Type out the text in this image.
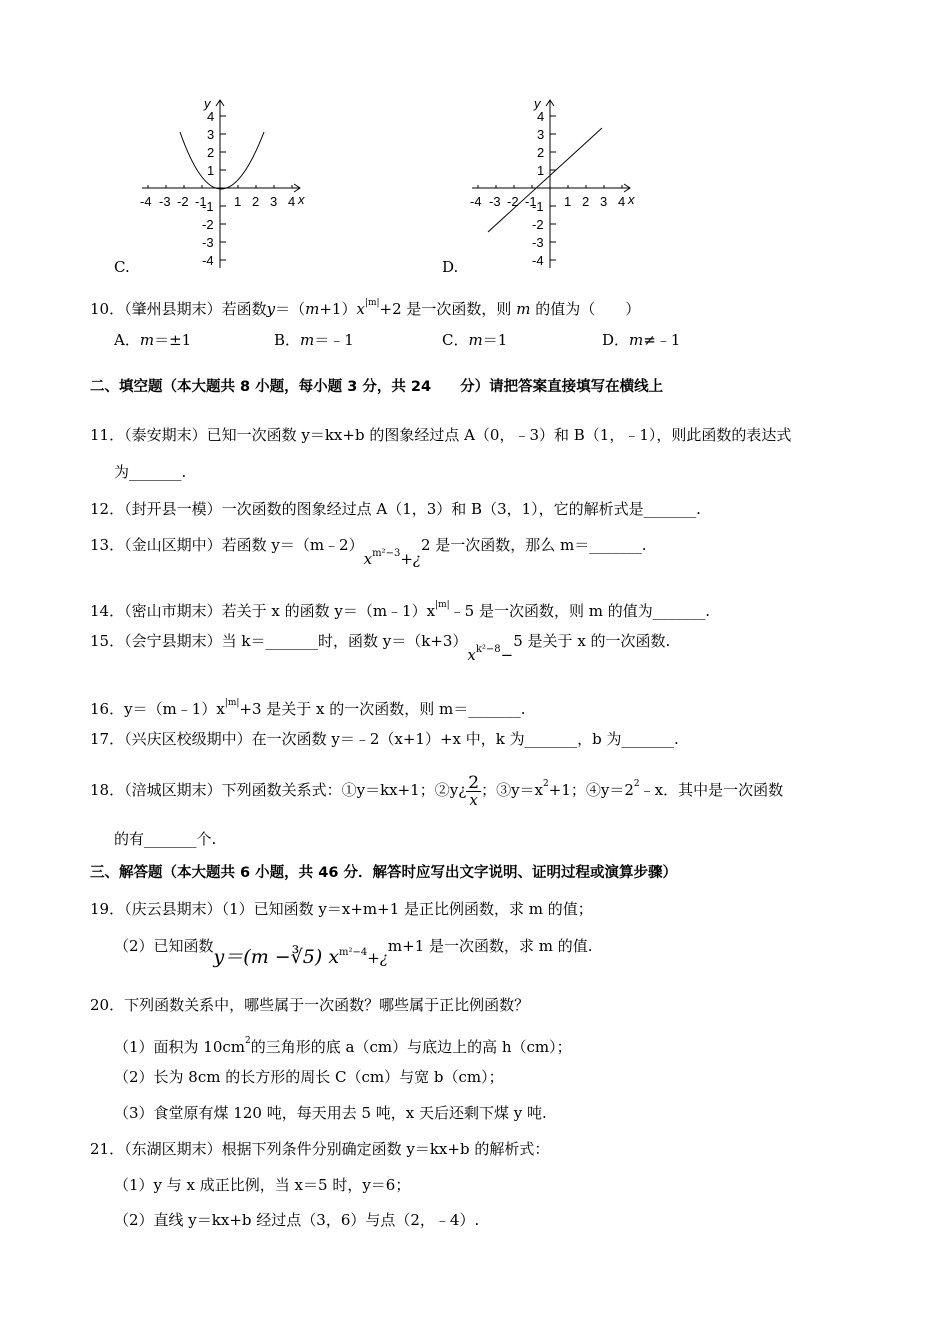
y
x
-4 -3 -2 -1 1 2 3 4
4
3
2
1
-1
-2
-3
-4
C.
y
x
-4 -3 -2 -1 1 2 3 4
4
3
2
1
-1
-2
-3
-4
D.
10．（肇州县期末）若函数$y=(m+1)x^{|m|}+2$ 是一次函数，则 m 的值为（　　）
A．m＝±1	B．m＝﹣1	C．m＝1	D．m≠﹣1
二、填空题（本大题共 8 小题，每小题 3 分，共 24　　分）请把答案直接填写在横线上
11．（泰安期末）已知一次函数 y＝kx+b 的图象经过点 A（0，﹣3）和 B（1，﹣1），则此函数的表达式
为_______.
12．（封开县一模）一次函数的图象经过点 A（1，3）和 B（3，1），它的解析式是_______.
13．（金山区期中）若函数 $y=(m﹣2)x^{m^2-3}+¿2$ 是一次函数，那么 m＝_______.
14．（密山市期末）若关于 x 的函数 $y=(m﹣1)x^{|m|}﹣5$ 是一次函数，则 m 的值为_______.
15．（会宁县期末）当 k＝_______时，函数 $y=(k+3)x^{k^2-8}-5$ 是关于 x 的一次函数.
16．$y=(m﹣1)x^{|m|}+3$ 是关于 x 的一次函数，则 m＝_______.
17．（兴庆区校级期中）在一次函数 y＝﹣2（x+1）+x 中，k 为_______，b 为_______.
18．（涪城区期末）下列函数关系式：①y＝kx+1；②y¿ $\frac{2}{x}$ ；$③y=x^2+1$；$④y=2^2﹣x$．其中是一次函数
的有_______个.
三、解答题（本大题共 6 小题，共 46 分．解答时应写出文字说明、证明过程或演算步骤）
19．（庆云县期末）（1）已知函数 y＝x+m+1 是正比例函数，求 m 的值；
（2）已知函数y＝(m −∛5) $x_{m^2-4}+¿m+1$ 是一次函数，求 m 的值.
20．下列函数关系中，哪些属于一次函数？哪些属于正比例函数？
（1）面积为 $10cm^2$的三角形的底 a（cm）与底边上的高 h（cm）；
（2）长为 8cm 的长方形的周长 C（cm）与宽 b（cm）；
（3）食堂原有煤 120 吨，每天用去 5 吨，x 天后还剩下煤 y 吨.
21．（东湖区期末）根据下列条件分别确定函数 y＝kx+b 的解析式：
（1）y 与 x 成正比例，当 x＝5 时，y＝6；
（2）直线 y＝kx+b 经过点（3，6）与点（2，﹣4）.
